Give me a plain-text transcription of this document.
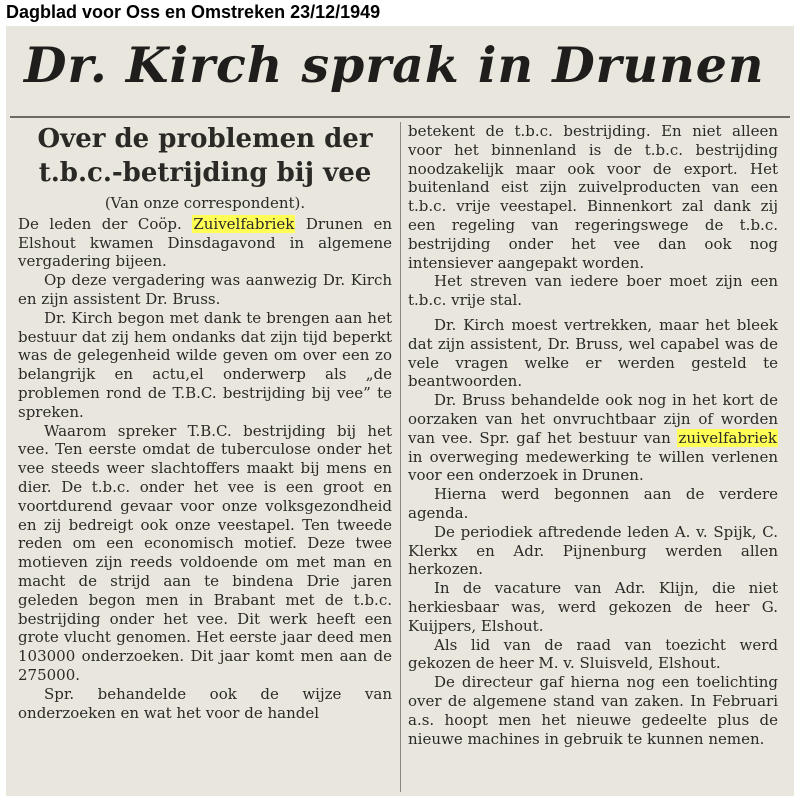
Dagblad voor Oss en Omstreken 23/12/1949

Dr. Kirch sprak in Drunen
Over de problemen der
t.b.c.-betrijding bij vee

(Van onze correspondent).

De leden der Coöp. Zuivelfabriek Drunen en Elshout kwamen Dinsdagavond in algemene vergadering bijeen.

Op deze vergadering was aanwezig Dr. Kirch en zijn assistent Dr. Bruss.

Dr. Kirch begon met dank te brengen aan het bestuur dat zij hem ondanks dat zijn tijd beperkt was de gelegenheid wilde geven om over een zo belangrijk en actu,el onderwerp als „de problemen rond de T.B.C. bestrijding bij vee” te spreken.

Waarom spreker T.B.C. bestrijding bij het vee. Ten eerste omdat de tuberculose onder het vee steeds weer slachtoffers maakt bij mens en dier. De t.b.c. onder het vee is een groot en voortdurend gevaar voor onze volksgezondheid en zij bedreigt ook onze veestapel. Ten tweede reden om een economisch motief. Deze twee motieven zijn reeds voldoende om met man en macht de strijd aan te bindena Drie jaren geleden begon men in Brabant met de t.b.c. bestrijding onder het vee. Dit werk heeft een grote vlucht genomen. Het eerste jaar deed men 103000 onderzoeken. Dit jaar komt men aan de 275000.

Spr. behandelde ook de wijze van onderzoeken en wat het voor de handel

betekent de t.b.c. bestrijding. En niet alleen voor het binnenland is de t.b.c. bestrijding noodzakelijk maar ook voor de export. Het buitenland eist zijn zuivelproducten van een t.b.c. vrije veestapel. Binnenkort zal dank zij een regeling van regeringswege de t.b.c. bestrijding onder het vee dan ook nog intensiever aangepakt worden.

Het streven van iedere boer moet zijn een t.b.c. vrije stal.

Dr. Kirch moest vertrekken, maar het bleek dat zijn assistent, Dr. Bruss, wel capabel was de vele vragen welke er werden gesteld te beantwoorden.

Dr. Bruss behandelde ook nog in het kort de oorzaken van het onvruchtbaar zijn of worden van vee. Spr. gaf het bestuur van zuivelfabriek in overweging medewerking te willen verlenen voor een onderzoek in Drunen.

Hierna werd begonnen aan de verdere agenda.

De periodiek aftredende leden A. v. Spijk, C. Klerkx en Adr. Pijnenburg werden allen herkozen.

In de vacature van Adr. Klijn, die niet herkiesbaar was, werd gekozen de heer G. Kuijpers, Elshout.

Als lid van de raad van toezicht werd gekozen de heer M. v. Sluisveld, Elshout.

De directeur gaf hierna nog een toelichting over de algemene stand van zaken. In Februari a.s. hoopt men het nieuwe gedeelte plus de nieuwe machines in gebruik te kunnen nemen.
